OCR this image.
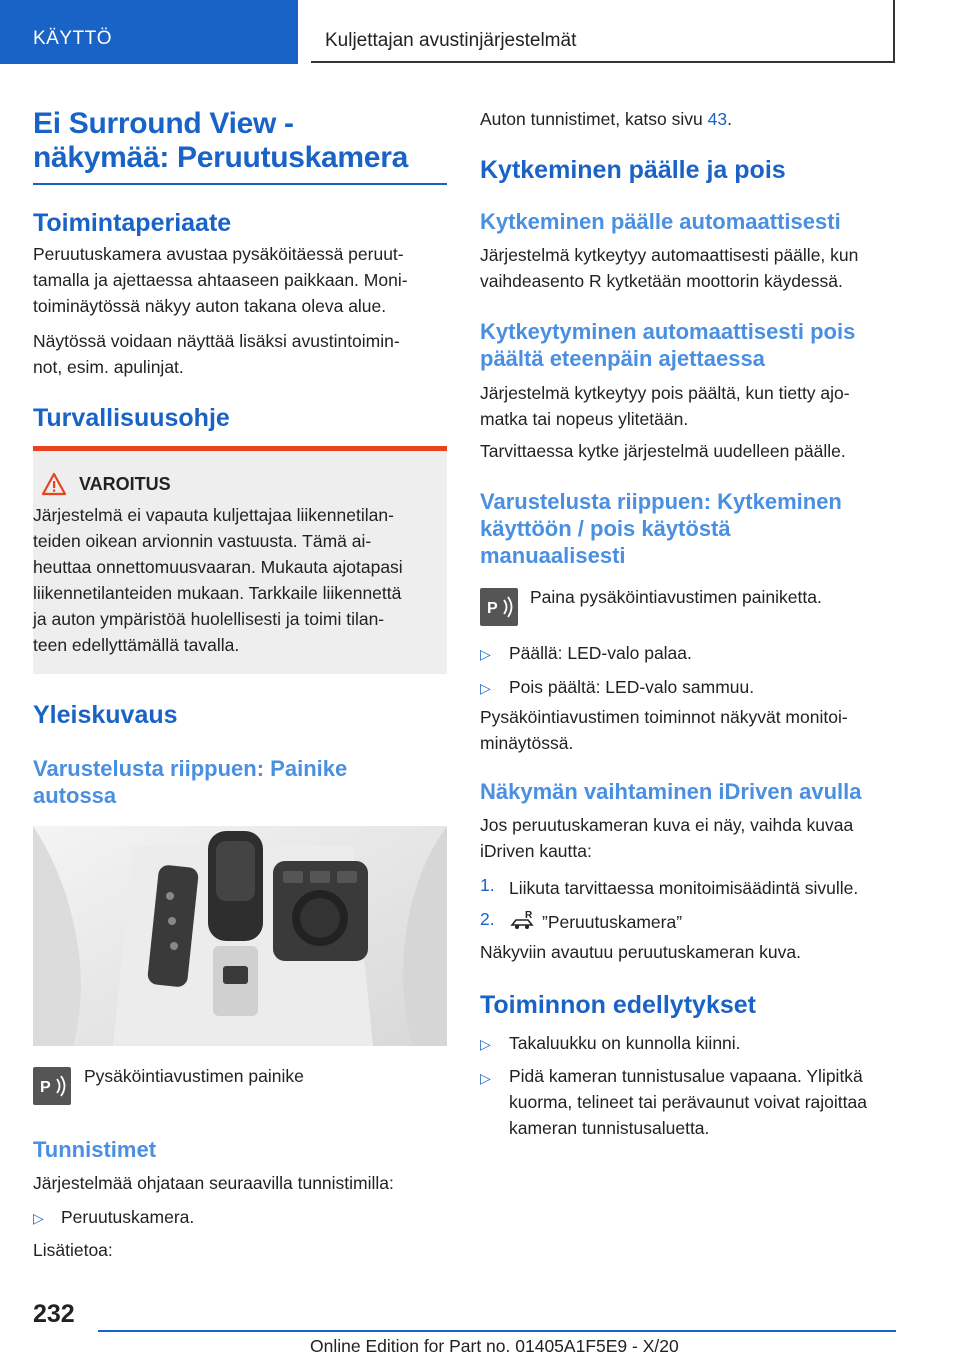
KÄYTTÖ	Kuljettajan avustinjärjestelmät
Ei Surround View -
näkymää: Peruutuskamera
Toimintaperiaate
Peruutuskamera avustaa pysäköitäessä peruut-
tamalla ja ajettaessa ahtaaseen paikkaan. Moni-
toiminäytössä näkyy auton takana oleva alue.
Näytössä voidaan näyttää lisäksi avustintoimin-
not, esim. apulinjat.
Turvallisuusohje
VAROITUS
Järjestelmä ei vapauta kuljettajaa liikennetilan-
teiden oikean arvionnin vastuusta. Tämä ai-
heuttaa onnettomuusvaaran. Mukauta ajotapasi
liikennetilanteiden mukaan. Tarkkaile liikennettä
ja auton ympäristöä huolellisesti ja toimi tilan-
teen edellyttämällä tavalla.
Yleiskuvaus
Varustelusta riippuen: Painike
autossa
P
Pysäköintiavustimen painike
Tunnistimet
Järjestelmää ohjataan seuraavilla tunnistimilla:
▷ Peruutuskamera.
Lisätietoa:
Auton tunnistimet, katso sivu 43.
Kytkeminen päälle ja pois
Kytkeminen päälle automaattisesti
Järjestelmä kytkeytyy automaattisesti päälle, kun
vaihdeasento R kytketään moottorin käydessä.
Kytkeytyminen automaattisesti pois
päältä eteenpäin ajettaessa
Järjestelmä kytkeytyy pois päältä, kun tietty ajo-
matka tai nopeus ylitetään.
Tarvittaessa kytke järjestelmä uudelleen päälle.
Varustelusta riippuen: Kytkeminen
käyttöön / pois käytöstä
manuaalisesti
P
Paina pysäköintiavustimen painiketta.
▷ Päällä: LED-valo palaa.
▷ Pois päältä: LED-valo sammuu.
Pysäköintiavustimen toiminnot näkyvät monitoi-
minäytössä.
Näkymän vaihtaminen iDriven avulla
Jos peruutuskameran kuva ei näy, vaihda kuvaa
iDriven kautta:
1. Liikuta tarvittaessa monitoimisäädintä sivulle.
2.	R ”Peruutuskamera”
Näkyviin avautuu peruutuskameran kuva.
Toiminnon edellytykset
▷ Takaluukku on kunnolla kiinni.
▷ Pidä kameran tunnistusalue vapaana. Ylipitkä
kuorma, telineet tai perävaunut voivat rajoittaa
kameran tunnistusaluetta.
232
Online Edition for Part no. 01405A1F5E9 - X/20
